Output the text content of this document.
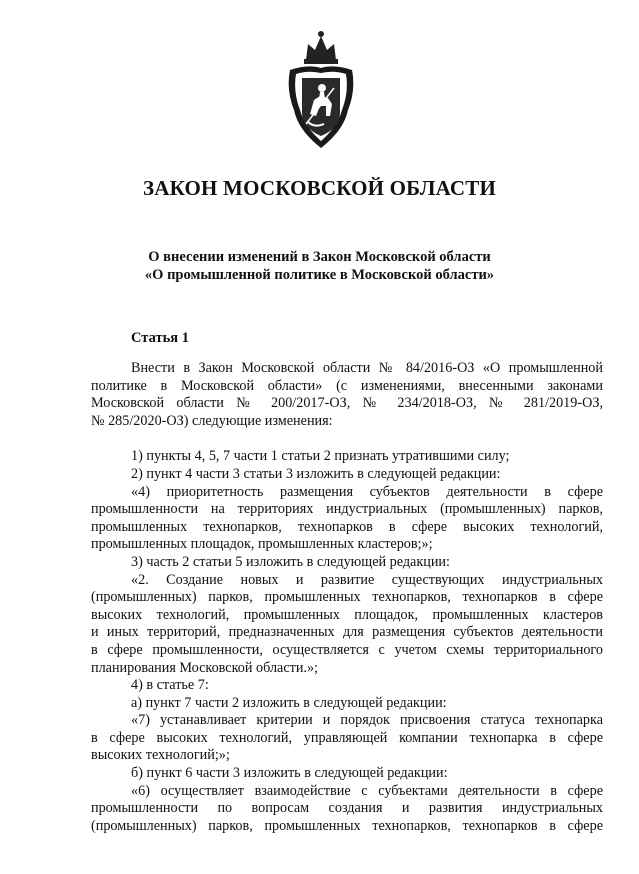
ЗАКОН МОСКОВСКОЙ ОБЛАСТИ
О внесении изменений в Закон Московской области
«О промышленной политике в Московской области»
Статья 1
Внести в Закон Московской области № 84/2016-ОЗ «О промышленной
политике в Московской области» (с изменениями, внесенными законами
Московской области № 200/2017-ОЗ, № 234/2018-ОЗ, № 281/2019-ОЗ,
№ 285/2020-ОЗ) следующие изменения:
1) пункты 4, 5, 7 части 1 статьи 2 признать утратившими силу;
2) пункт 4 части 3 статьи 3 изложить в следующей редакции:
«4) приоритетность размещения субъектов деятельности в сфере
промышленности на территориях индустриальных (промышленных) парков,
промышленных технопарков, технопарков в сфере высоких технологий,
промышленных площадок, промышленных кластеров;»;
3) часть 2 статьи 5 изложить в следующей редакции:
«2. Создание новых и развитие существующих индустриальных
(промышленных) парков, промышленных технопарков, технопарков в сфере
высоких технологий, промышленных площадок, промышленных кластеров
и иных территорий, предназначенных для размещения субъектов деятельности
в сфере промышленности, осуществляется с учетом схемы территориального
планирования Московской области.»;
4) в статье 7:
а) пункт 7 части 2 изложить в следующей редакции:
«7) устанавливает критерии и порядок присвоения статуса технопарка
в сфере высоких технологий, управляющей компании технопарка в сфере
высоких технологий;»;
б) пункт 6 части 3 изложить в следующей редакции:
«6) осуществляет взаимодействие с субъектами деятельности в сфере
промышленности по вопросам создания и развития индустриальных
(промышленных) парков, промышленных технопарков, технопарков в сфере
